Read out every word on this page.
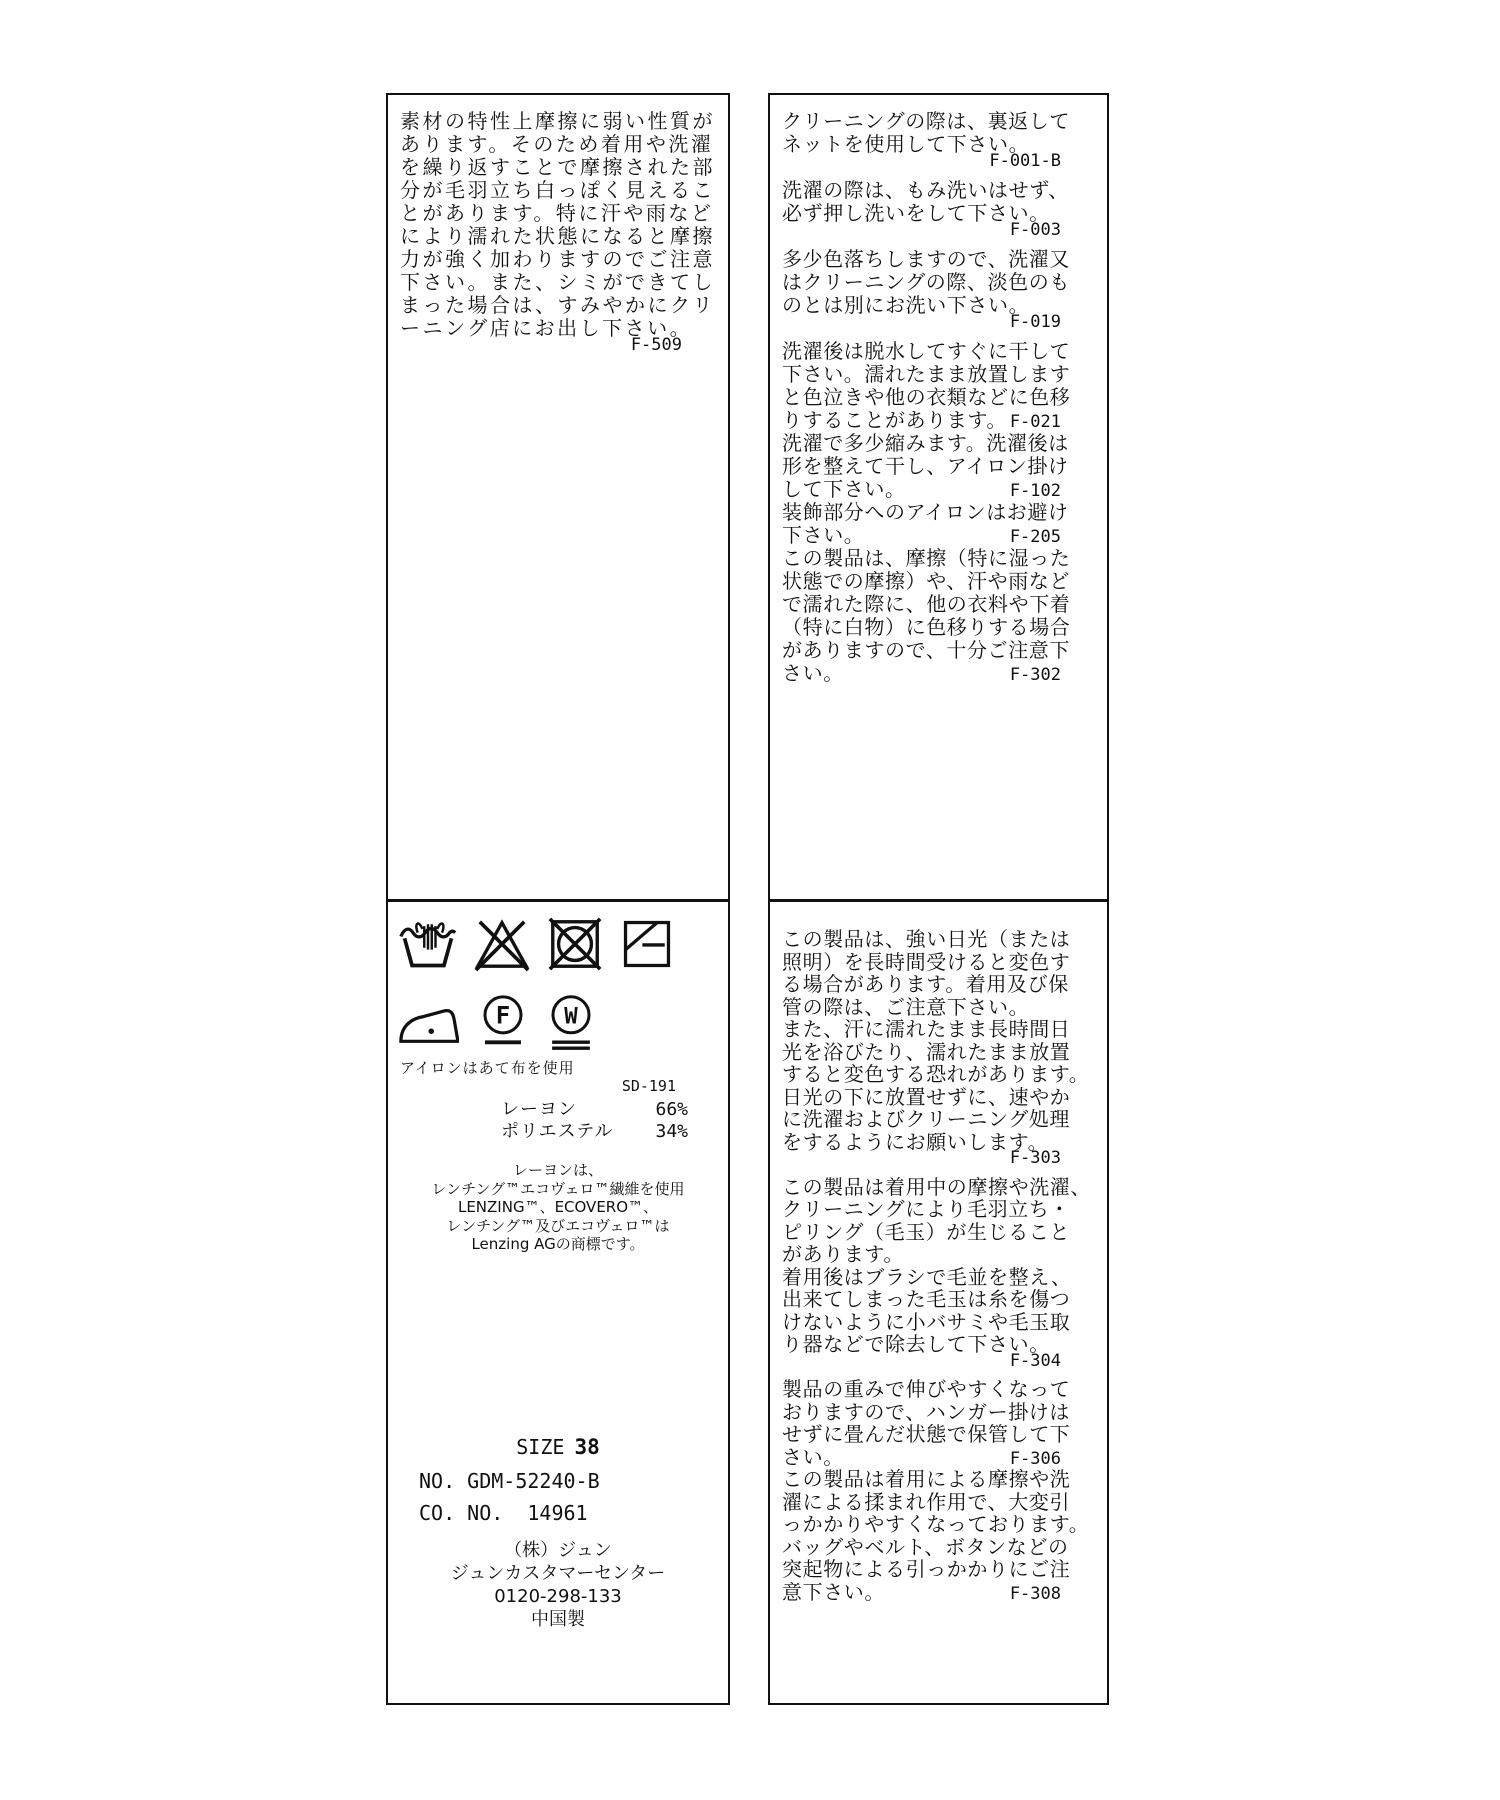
素材の特性上摩擦に弱い性質が
あります。そのため着用や洗濯
を繰り返すことで摩擦された部
分が毛羽立ち白っぽく見えるこ
とがあります。特に汗や雨など
により濡れた状態になると摩擦
力が強く加わりますのでご注意
下さい。また、シミができてし
まった場合は、すみやかにクリ
ーニング店にお出し下さい。
F-509
アイロンはあて布を使用
SD-191
レーヨン	66%
ポリエステル 34%
レーヨンは、
レンチング™エコヴェロ™繊維を使用
LENZING™、ECOVERO™、
レンチング™及びエコヴェロ™は
Lenzing AGの商標です。
SIZE 38
NO. GDM-52240-B
CO. NO.  14961
（株）ジュン
ジュンカスタマーセンター
0120-298-133
中国製
クリーニングの際は、裏返して
ネットを使用して下さい。
F-001-B
洗濯の際は、もみ洗いはせず、
必ず押し洗いをして下さい。
F-003
多少色落ちしますので、洗濯又
はクリーニングの際、淡色のも
のとは別にお洗い下さい。
F-019
洗濯後は脱水してすぐに干して
下さい。濡れたまま放置します
と色泣きや他の衣類などに色移
りすることがあります。 F-021
洗濯で多少縮みます。洗濯後は
形を整えて干し、アイロン掛け
して下さい。	F-102
装飾部分へのアイロンはお避け
下さい。	F-205
この製品は、摩擦（特に湿った
状態での摩擦）や、汗や雨など
で濡れた際に、他の衣料や下着
（特に白物）に色移りする場合
がありますので、十分ご注意下
さい。	F-302
この製品は、強い日光（または
照明）を長時間受けると変色す
る場合があります。着用及び保
管の際は、ご注意下さい。
また、汗に濡れたまま長時間日
光を浴びたり、濡れたまま放置
すると変色する恐れがあります。
日光の下に放置せずに、速やか
に洗濯およびクリーニング処理
をするようにお願いします。
F-303
この製品は着用中の摩擦や洗濯、
クリーニングにより毛羽立ち・
ピリング（毛玉）が生じること
があります。
着用後はブラシで毛並を整え、
出来てしまった毛玉は糸を傷つ
けないように小バサミや毛玉取
り器などで除去して下さい。
F-304
製品の重みで伸びやすくなって
おりますので、ハンガー掛けは
せずに畳んだ状態で保管して下
さい。	F-306
この製品は着用による摩擦や洗
濯による揉まれ作用で、大変引
っかかりやすくなっております。
バッグやベルト、ボタンなどの
突起物による引っかかりにご注
意下さい。	F-308
